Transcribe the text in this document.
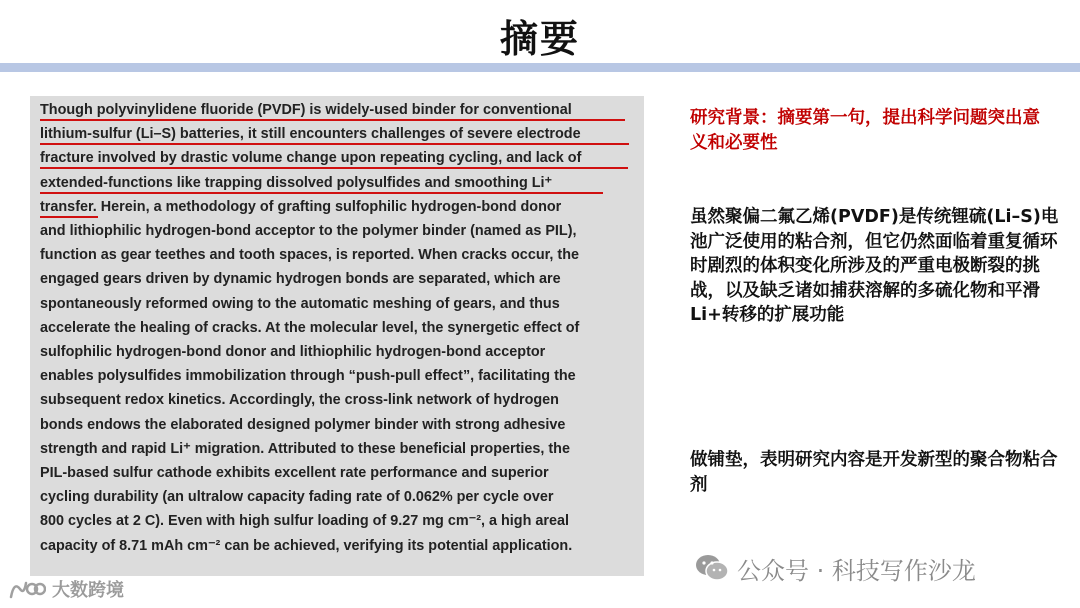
摘要
Though polyvinylidene fluoride (PVDF) is widely-used binder for conventional
lithium-sulfur (Li–S) batteries, it still encounters challenges of severe electrode
fracture involved by drastic volume change upon repeating cycling, and lack of
extended-functions like trapping dissolved polysulfides and smoothing Li⁺
transfer. Herein, a methodology of grafting sulfophilic hydrogen-bond donor
and lithiophilic hydrogen-bond acceptor to the polymer binder (named as PIL),
function as gear teethes and tooth spaces, is reported. When cracks occur, the
engaged gears driven by dynamic hydrogen bonds are separated, which are
spontaneously reformed owing to the automatic meshing of gears, and thus
accelerate the healing of cracks. At the molecular level, the synergetic effect of
sulfophilic hydrogen-bond donor and lithiophilic hydrogen-bond acceptor
enables polysulfides immobilization through “push-pull effect”, facilitating the
subsequent redox kinetics. Accordingly, the cross-link network of hydrogen
bonds endows the elaborated designed polymer binder with strong adhesive
strength and rapid Li⁺ migration. Attributed to these beneficial properties, the
PIL-based sulfur cathode exhibits excellent rate performance and superior
cycling durability (an ultralow capacity fading rate of 0.062% per cycle over
800 cycles at 2 C). Even with high sulfur loading of 9.27 mg cm⁻², a high areal
capacity of 8.71 mAh cm⁻² can be achieved, verifying its potential application.
研究背景：摘要第一句，提出科学问题突出意义和必要性
虽然聚偏二氟乙烯(PVDF)是传统锂硫(Li–S)电池广泛使用的粘合剂，但它仍然面临着重复循环时剧烈的体积变化所涉及的严重电极断裂的挑战，以及缺乏诸如捕获溶解的多硫化物和平滑Li+转移的扩展功能
做铺垫，表明研究内容是开发新型的聚合物粘合剂
公众号 · 科技写作沙龙
大数跨境
